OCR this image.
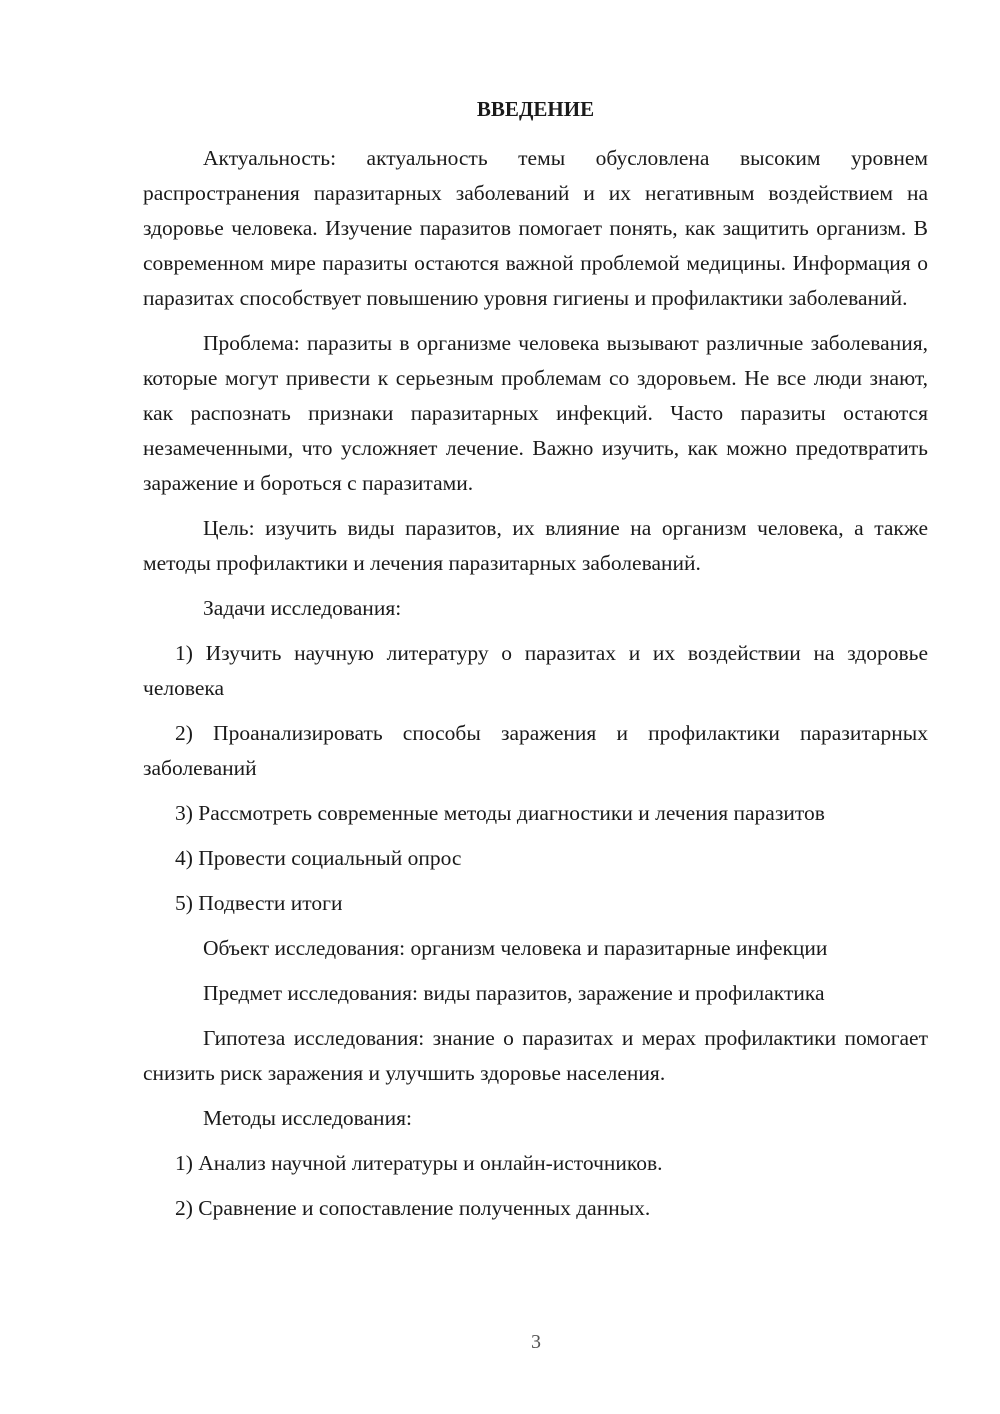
ВВЕДЕНИЕ

Актуальность: актуальность темы обусловлена высоким уровнем распространения паразитарных заболеваний и их негативным воздействием на здоровье человека. Изучение паразитов помогает понять, как защитить организм. В современном мире паразиты остаются важной проблемой медицины. Информация о паразитах способствует повышению уровня гигиены и профилактики заболеваний.

Проблема: паразиты в организме человека вызывают различные заболевания, которые могут привести к серьезным проблемам со здоровьем. Не все люди знают, как распознать признаки паразитарных инфекций. Часто паразиты остаются незамеченными, что усложняет лечение. Важно изучить, как можно предотвратить заражение и бороться с паразитами.

Цель: изучить виды паразитов, их влияние на организм человека, а также методы профилактики и лечения паразитарных заболеваний.

Задачи исследования:

1) Изучить научную литературу о паразитах и их воздействии на здоровье человека

2) Проанализировать способы заражения и профилактики паразитарных заболеваний

3) Рассмотреть современные методы диагностики и лечения паразитов

4) Провести социальный опрос

5) Подвести итоги

Объект исследования: организм человека и паразитарные инфекции

Предмет исследования: виды паразитов, заражение и профилактика

Гипотеза исследования: знание о паразитах и мерах профилактики помогает снизить риск заражения и улучшить здоровье населения.

Методы исследования:

1) Анализ научной литературы и онлайн-источников.

2) Сравнение и сопоставление полученных данных.

3
